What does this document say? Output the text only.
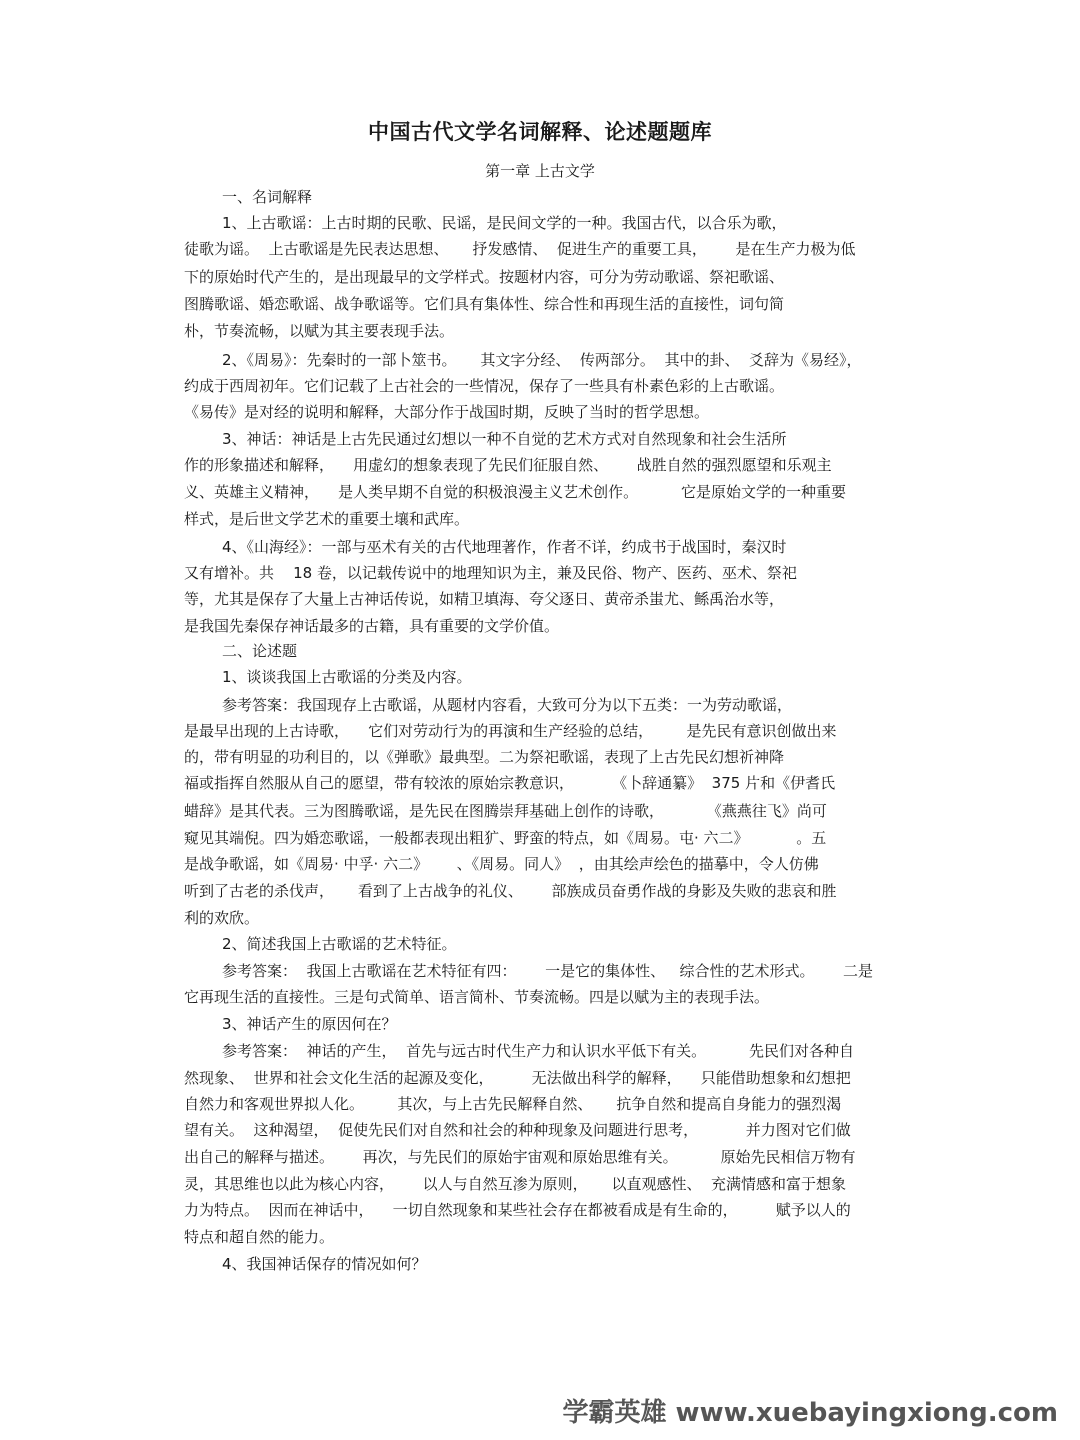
中国古代文学名词解释、论述题题库
第一章 上古文学
一、名词解释
1、上古歌谣：上古时期的民歌、民谣，是民间文学的一种。我国古代，以合乐为歌，
徒歌为谣。  上古歌谣是先民表达思想、     抒发感情、  促进生产的重要工具，      是在生产力极为低
下的原始时代产生的，是出现最早的文学样式。按题材内容，可分为劳动歌谣、祭祀歌谣、
图腾歌谣、婚恋歌谣、战争歌谣等。它们具有集体性、综合性和再现生活的直接性，词句简
朴，节奏流畅，以赋为其主要表现手法。
2、《周易》：先秦时的一部卜筮书。     其文字分经、  传两部分。  其中的卦、  爻辞为《易经》，
约成于西周初年。它们记载了上古社会的一些情况，保存了一些具有朴素色彩的上古歌谣。
《易传》是对经的说明和解释，大部分作于战国时期，反映了当时的哲学思想。
3、神话：神话是上古先民通过幻想以一种不自觉的艺术方式对自然现象和社会生活所
作的形象描述和解释，    用虚幻的想象表现了先民们征服自然、      战胜自然的强烈愿望和乐观主
义、英雄主义精神，    是人类早期不自觉的积极浪漫主义艺术创作。         它是原始文学的一种重要
样式，是后世文学艺术的重要土壤和武库。
4、《山海经》：一部与巫术有关的古代地理著作，作者不详，约成书于战国时，秦汉时
又有增补。共    18 卷，以记载传说中的地理知识为主，兼及民俗、物产、医药、巫术、祭祀
等，尤其是保存了大量上古神话传说，如精卫填海、夸父逐日、黄帝杀蚩尤、鲧禹治水等，
是我国先秦保存神话最多的古籍，具有重要的文学价值。
二、论述题
1、谈谈我国上古歌谣的分类及内容。
参考答案：我国现存上古歌谣，从题材内容看，大致可分为以下五类：一为劳动歌谣，
是最早出现的上古诗歌，    它们对劳动行为的再演和生产经验的总结，       是先民有意识创做出来
的，带有明显的功利目的，以《弹歌》最典型。二为祭祀歌谣，表现了上古先民幻想祈神降
福或指挥自然服从自己的愿望，带有较浓的原始宗教意识，        《卜辞通纂》  375 片和《伊耆氏
蜡辞》是其代表。三为图腾歌谣，是先民在图腾崇拜基础上创作的诗歌，         《燕燕往飞》尚可
窥见其端倪。四为婚恋歌谣，一般都表现出粗犷、野蛮的特点，如《周易。屯· 六二》          。五
是战争歌谣，如《周易· 中孚· 六二》      、《周易。同人》  ，由其绘声绘色的描摹中，令人仿佛
听到了古老的杀伐声，     看到了上古战争的礼仪、      部族成员奋勇作战的身影及失败的悲哀和胜
利的欢欣。
2、简述我国上古歌谣的艺术特征。
参考答案：  我国上古歌谣在艺术特征有四：      一是它的集体性、   综合性的艺术形式。      二是
它再现生活的直接性。三是句式简单、语言简朴、节奏流畅。四是以赋为主的表现手法。
3、神话产生的原因何在？
参考答案：  神话的产生，  首先与远古时代生产力和认识水平低下有关。         先民们对各种自
然现象、  世界和社会文化生活的起源及变化，        无法做出科学的解释，    只能借助想象和幻想把
自然力和客观世界拟人化。       其次，与上古先民解释自然、     抗争自然和提高自身能力的强烈渴
望有关。  这种渴望，  促使先民们对自然和社会的种种现象及问题进行思考，          并力图对它们做
出自己的解释与描述。      再次，与先民们的原始宇宙观和原始思维有关。         原始先民相信万物有
灵，其思维也以此为核心内容，      以人与自然互渗为原则，     以直观感性、  充满情感和富于想象
力为特点。  因而在神话中，    一切自然现象和某些社会存在都被看成是有生命的，        赋予以人的
特点和超自然的能力。
4、我国神话保存的情况如何？
学霸英雄 www.xuebayingxiong.com
